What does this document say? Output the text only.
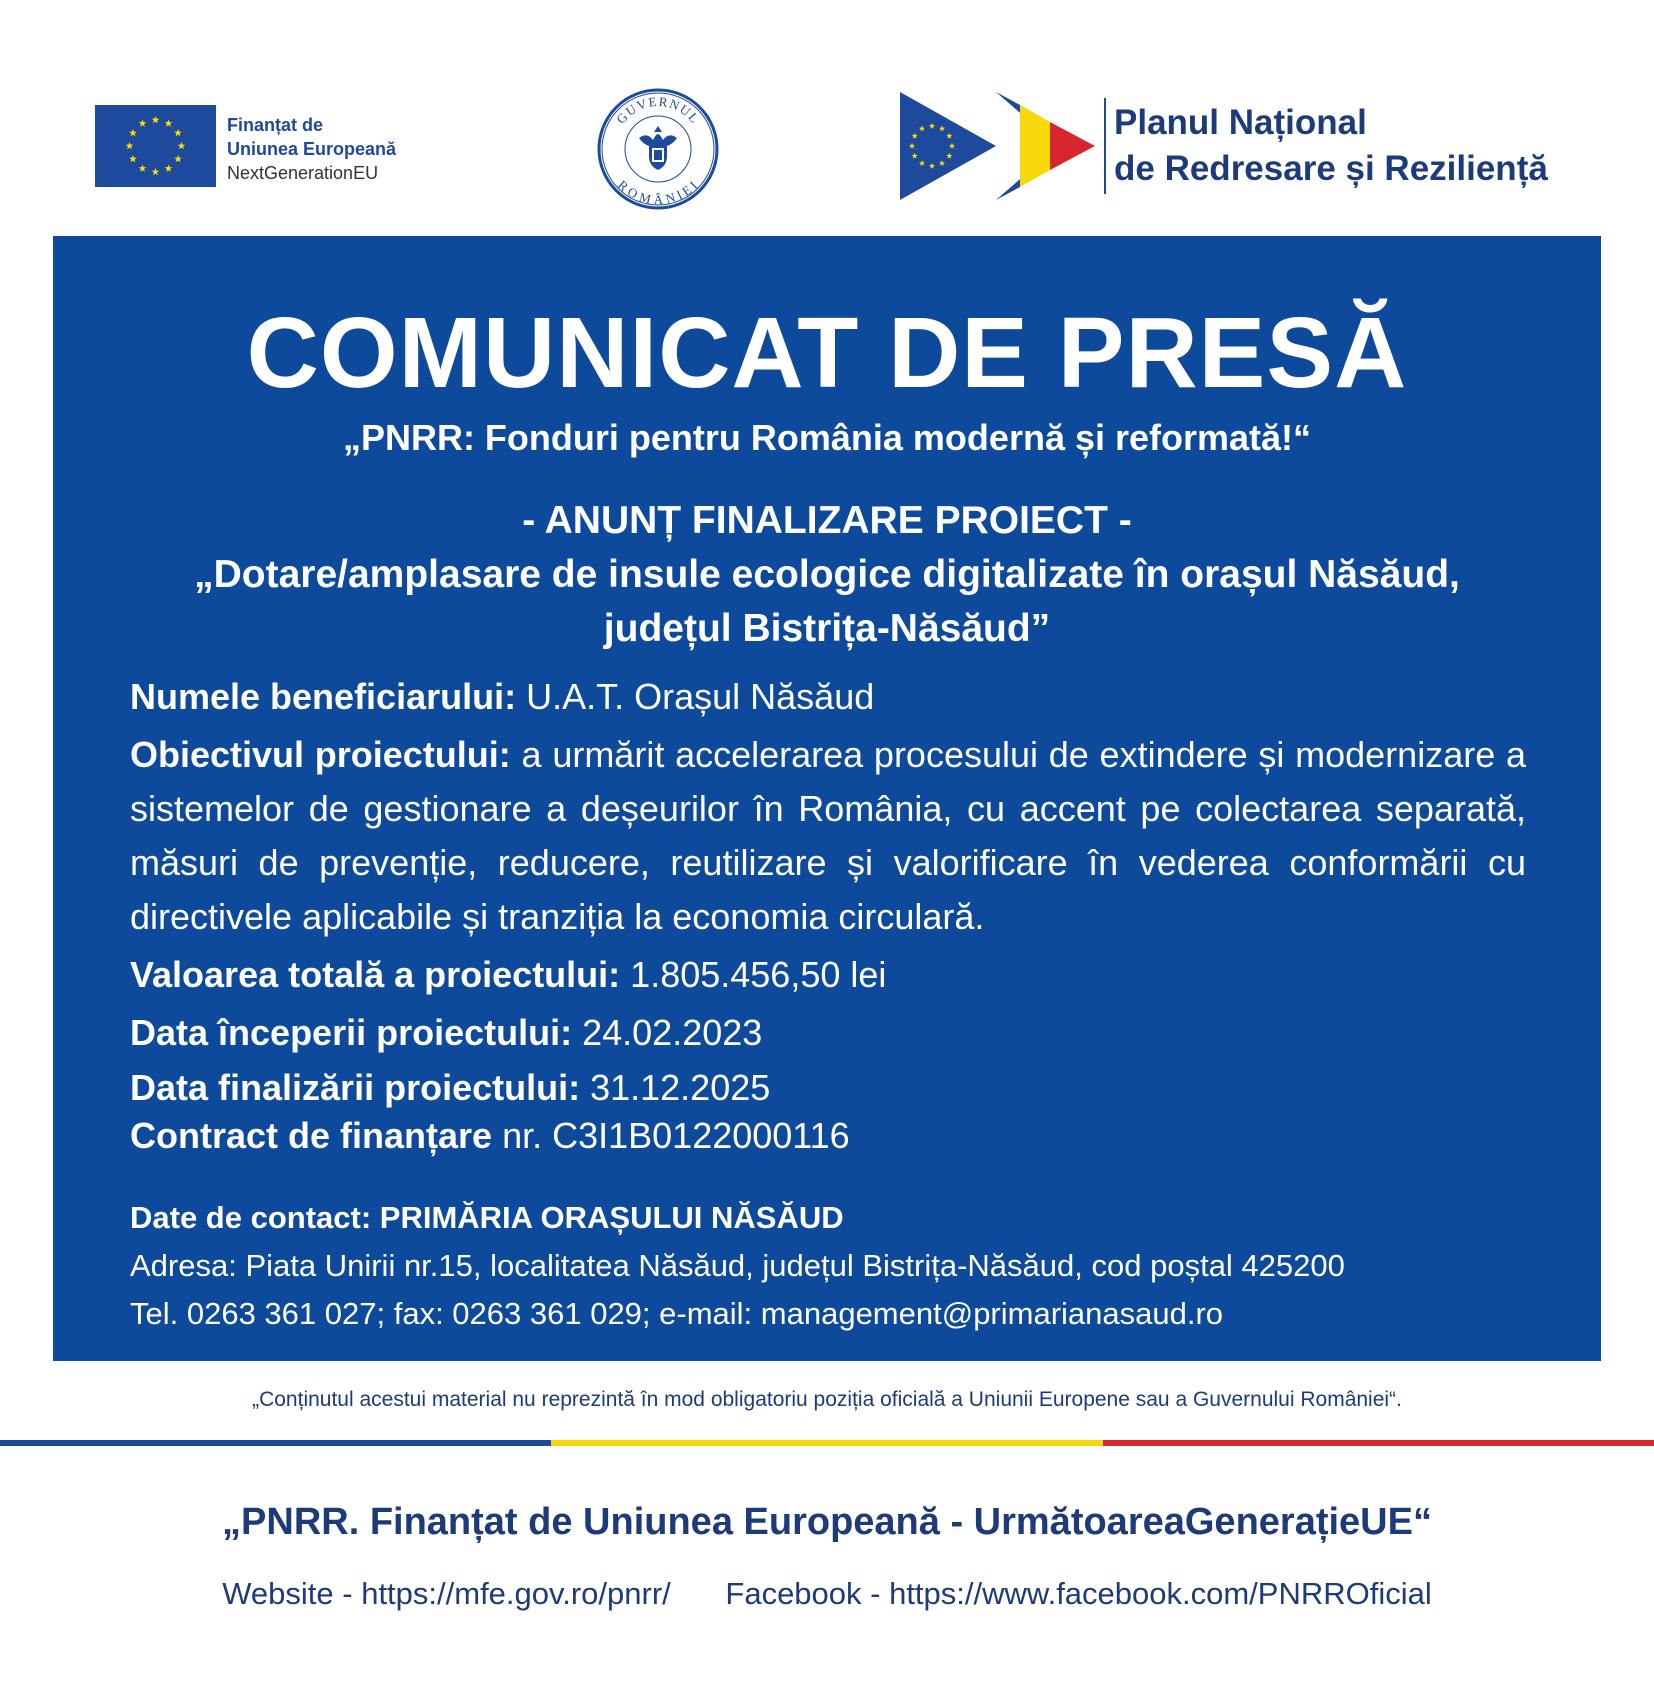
Finanțat de
Uniunea Europeană
NextGenerationEU
GUVERNUL
ROMÂNIEI
Planul Național
de Redresare și Reziliență
COMUNICAT DE PRESĂ
„PNRR: Fonduri pentru România modernă și reformată!“
- ANUNȚ FINALIZARE PROIECT -
„Dotare/amplasare de insule ecologice digitalizate în orașul Năsăud,
județul Bistrița-Năsăud”
Numele beneficiarului: U.A.T. Orașul Năsăud
Obiectivul proiectului: a urmărit accelerarea procesului de extindere și modernizare a sistemelor de gestionare a deșeurilor în România, cu accent pe colectarea separată, măsuri de prevenție, reducere, reutilizare și valorificare în vederea conformării cu directivele aplicabile și tranziția la economia circulară.
Valoarea totală a proiectului: 1.805.456,50 lei
Data începerii proiectului: 24.02.2023
Data finalizării proiectului: 31.12.2025
Contract de finanțare nr. C3I1B0122000116
Date de contact: PRIMĂRIA ORAȘULUI NĂSĂUD
Adresa: Piata Unirii nr.15, localitatea Năsăud, județul Bistrița-Năsăud, cod poștal 425200
Tel. 0263 361 027; fax: 0263 361 029; e-mail: management@primarianasaud.ro
„Conținutul acestui material nu reprezintă în mod obligatoriu poziția oficială a Uniunii Europene sau a Guvernului României“.
„PNRR. Finanțat de Uniunea Europeană - UrmătoareaGenerațieUE“
Website - https://mfe.gov.ro/pnrr/ Facebook - https://www.facebook.com/PNRROficial
